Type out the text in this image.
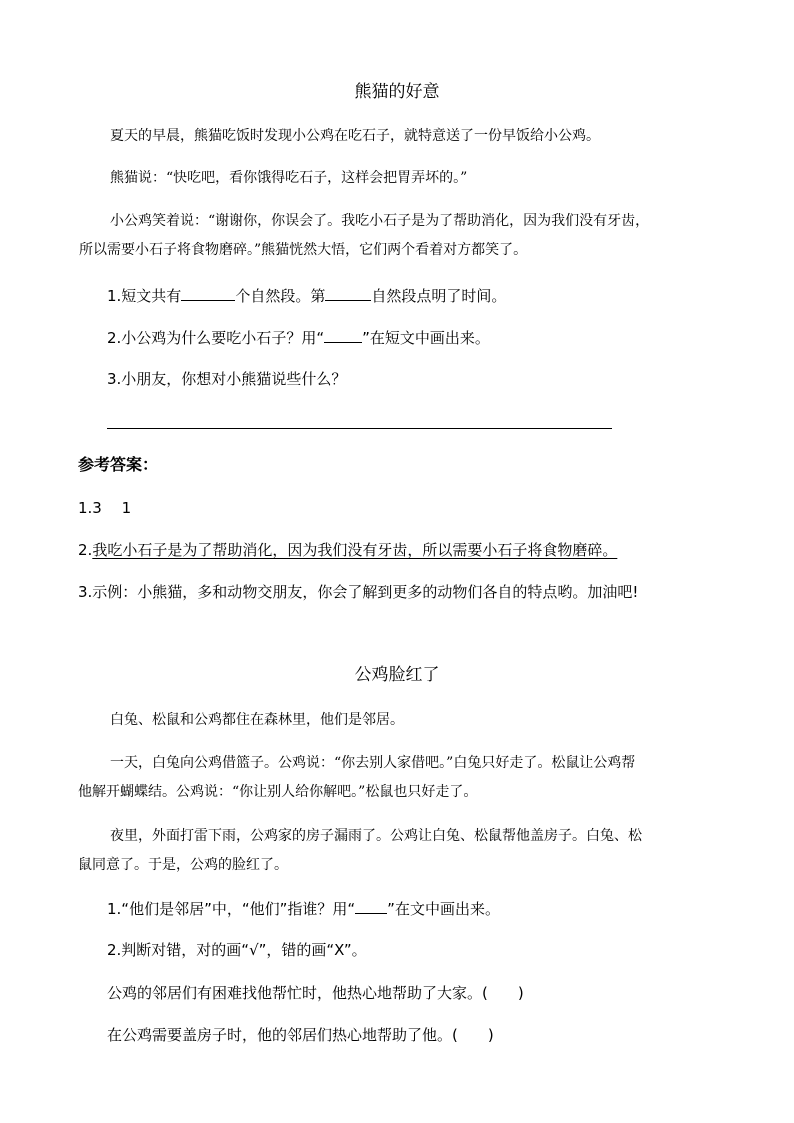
熊猫的好意
夏天的早晨，熊猫吃饭时发现小公鸡在吃石子，就特意送了一份早饭给小公鸡。
熊猫说：“快吃吧，看你饿得吃石子，这样会把胃弄坏的。”
小公鸡笑着说：“谢谢你，你误会了。我吃小石子是为了帮助消化，因为我们没有牙齿，
所以需要小石子将食物磨碎。”熊猫恍然大悟，它们两个看着对方都笑了。
1.短文共有	个自然段。第	自然段点明了时间。
2.小公鸡为什么要吃小石子？用“	”在短文中画出来。
3.小朋友，你想对小熊猫说些什么？
参考答案：
1.3　 1
2.我吃小石子是为了帮助消化，因为我们没有牙齿，所以需要小石子将食物磨碎。
3.示例：小熊猫，多和动物交朋友，你会了解到更多的动物们各自的特点哟。加油吧!
公鸡脸红了
白兔、松鼠和公鸡都住在森林里，他们是邻居。
一天，白兔向公鸡借篮子。公鸡说：“你去别人家借吧。”白兔只好走了。松鼠让公鸡帮
他解开蝴蝶结。公鸡说：“你让别人给你解吧。”松鼠也只好走了。
夜里，外面打雷下雨，公鸡家的房子漏雨了。公鸡让白兔、松鼠帮他盖房子。白兔、松
鼠同意了。于是，公鸡的脸红了。
1.“他们是邻居”中，“他们”指谁？用“ ”在文中画出来。
2.判断对错，对的画“√”，错的画“X”。
公鸡的邻居们有困难找他帮忙时，他热心地帮助了大家。(　　)
在公鸡需要盖房子时，他的邻居们热心地帮助了他。(　　)
